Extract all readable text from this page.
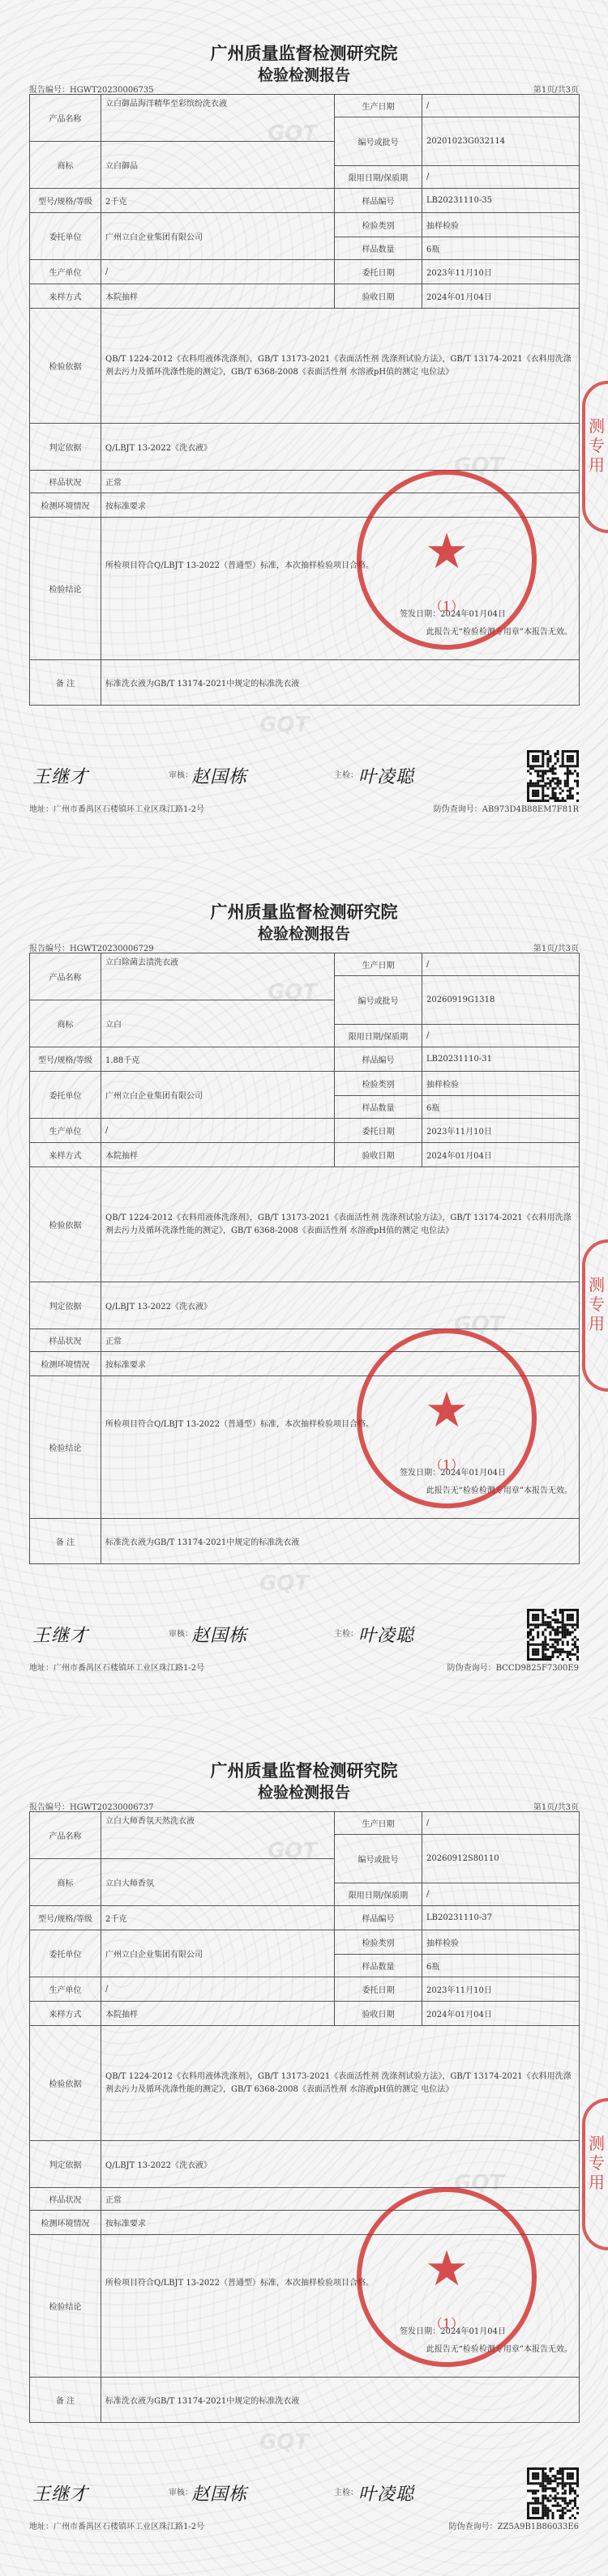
GQT
GQT
GQT
广州质量监督检测研究院
检验检测报告
报告编号：HGWT20230006735	第1页/共3页
产品名称	立白御品海洋精华至彩缤纷洗衣液	生产日期	/
		编号或批号	20201023G032114
商标	立白御品		
		限用日期/保质期	/
型号/规格/等级	2千克	样品编号	LB20231110-35
委托单位	广州立白企业集团有限公司	检验类别	抽样检验
		样品数量	6瓶
生产单位	/	委托日期	2023年11月10日
来样方式	本院抽样	验收日期	2024年01月04日
检验依据	QB/T 1224-2012《衣料用液体洗涤剂》，GB/T 13173-2021《表面活性剂 洗涤剂试验方法》，GB/T 13174-2021《衣料用洗涤剂去污力及循环洗涤性能的测定》，GB/T 6368-2008《表面活性剂 水溶液pH值的测定 电位法》		
判定依据	Q/LBJT 13-2022《洗衣液》		
样品状况	正常		
检测环境情况	按标准要求		
检验结论	所检项目符合Q/LBJT 13-2022（普通型）标准，本次抽样检验项目合格。
签发日期：2024年01月04日
此报告无“检验检测专用章”本报告无效。		

备 注	标准洗衣液为GB/T 13174-2021中规定的标准洗衣液		
★
（1）
测专用
王继才	审核：
赵国栋	主检： 叶凌聪
地址：广州市番禺区石楼镇环工业区珠江路1-2号	防伪查询号：AB973D4B88EM7F81R
GQT
GQT
GQT
广州质量监督检测研究院
检验检测报告
报告编号：HGWT20230006729	第1页/共3页
产品名称	立白除菌去渍洗衣液	生产日期	/
		编号或批号	20260919G1318
商标	立白		
		限用日期/保质期	/
型号/规格/等级	1.88千克	样品编号	LB20231110-31
委托单位	广州立白企业集团有限公司	检验类别	抽样检验
		样品数量	6瓶
生产单位	/	委托日期	2023年11月10日
来样方式	本院抽样	验收日期	2024年01月04日
检验依据	QB/T 1224-2012《衣料用液体洗涤剂》，GB/T 13173-2021《表面活性剂 洗涤剂试验方法》，GB/T 13174-2021《衣料用洗涤剂去污力及循环洗涤性能的测定》，GB/T 6368-2008《表面活性剂 水溶液pH值的测定 电位法》		
判定依据	Q/LBJT 13-2022《洗衣液》		
样品状况	正常		
检测环境情况	按标准要求		
检验结论	所检项目符合Q/LBJT 13-2022（普通型）标准，本次抽样检验项目合格。
签发日期：2024年01月04日
此报告无“检验检测专用章”本报告无效。		

备 注	标准洗衣液为GB/T 13174-2021中规定的标准洗衣液		
★
（1）
测专用
王继才	审核：
赵国栋	主检： 叶凌聪
地址：广州市番禺区石楼镇环工业区珠江路1-2号	防伪查询号：BCCD9825F7300E9
GQT
GQT
GQT
广州质量监督检测研究院
检验检测报告
报告编号：HGWT20230006737	第1页/共3页
产品名称	立白大师香氛天然洗衣液	生产日期	/
		编号或批号	20260912S80110
商标	立白大师香氛		
		限用日期/保质期	/
型号/规格/等级	2千克	样品编号	LB20231110-37
委托单位	广州立白企业集团有限公司	检验类别	抽样检验
		样品数量	6瓶
生产单位	/	委托日期	2023年11月10日
来样方式	本院抽样	验收日期	2024年01月04日
检验依据	QB/T 1224-2012《衣料用液体洗涤剂》，GB/T 13173-2021《表面活性剂 洗涤剂试验方法》，GB/T 13174-2021《衣料用洗涤剂去污力及循环洗涤性能的测定》，GB/T 6368-2008《表面活性剂 水溶液pH值的测定 电位法》		
判定依据	Q/LBJT 13-2022《洗衣液》		
样品状况	正常		
检测环境情况	按标准要求		
检验结论	所检项目符合Q/LBJT 13-2022（普通型）标准，本次抽样检验项目合格。
签发日期：2024年01月04日
此报告无“检验检测专用章”本报告无效。		

备 注	标准洗衣液为GB/T 13174-2021中规定的标准洗衣液		
★
（1）
测专用
王继才	审核：
赵国栋	主检： 叶凌聪
地址：广州市番禺区石楼镇环工业区珠江路1-2号	防伪查询号：ZZ5A9B1B86033E6
